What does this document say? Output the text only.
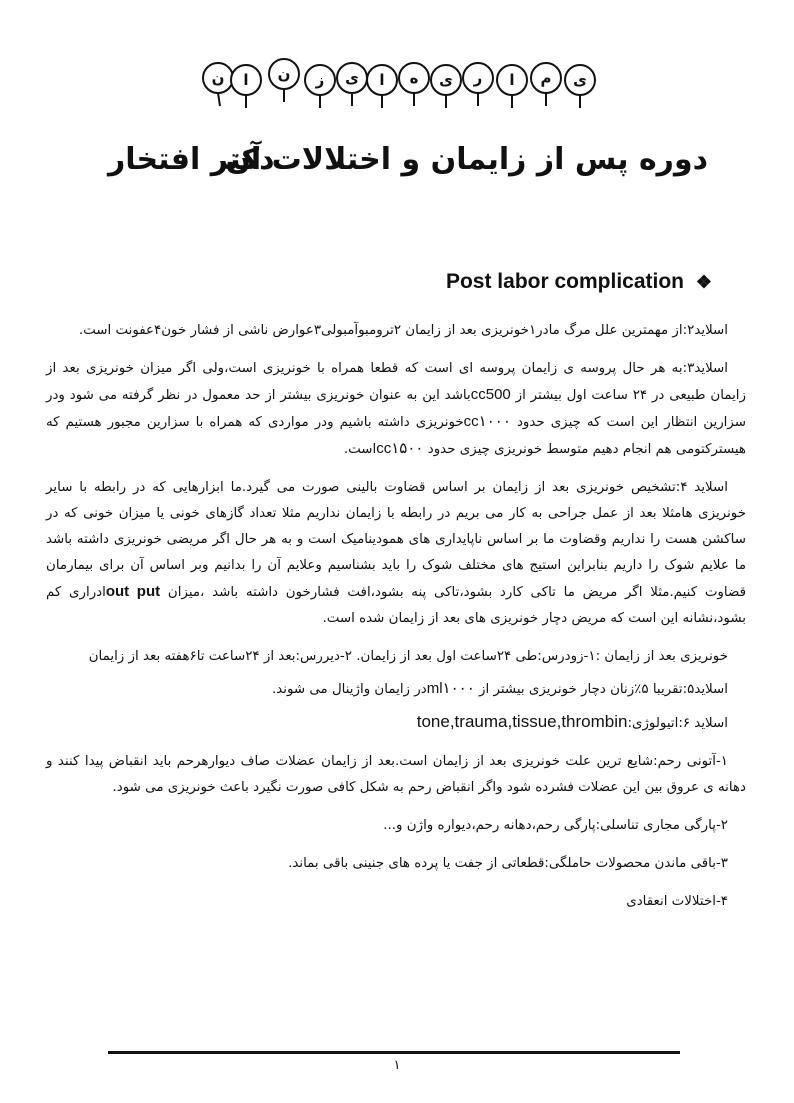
ن ا ن ز ی ا ه ی ر ا م ی
دوره پس از زایمان و اختلالات آن
دکتر افتخار
Post labor complication ❖

اسلاید۲:از مهمترین علل مرگ مادر۱خونریزی بعد از زایمان ۲ترومبوآمبولی۳عوارض ناشی از فشار خون۴عفونت است.

اسلاید۳:به هر حال پروسه ی زایمان پروسه ای است که قطعا همراه با خونریزی است،ولی اگر میزان خونریزی بعد از زایمان طبیعی در ۲۴ ساعت اول بیشتر از cc500باشد این به عنوان خونریزی بیشتر از حد معمول در نظر گرفته می شود ودر سزارین انتظار این است که چیزی حدود cc۱۰۰۰خونریزی داشته باشیم ودر مواردی که همراه با سزارین مجبور هستیم که هیسترکتومی هم انجام دهیم متوسط خونریزی چیزی حدود cc۱۵۰۰است.

اسلاید ۴:تشخیص خونریزی بعد از زایمان بر اساس قضاوت بالینی صورت می گیرد.ما ابزارهایی که در رابطه با سایر خونریزی هامثلا بعد از عمل جراحی به کار می بریم در رابطه با زایمان نداریم مثلا تعداد گازهای خونی یا میزان خونی که در ساکشن هست را نداریم وقضاوت ما بر اساس ناپایداری های همودینامیک است و به هر حال اگر مریضی خونریزی داشته باشد ما علایم شوک را داریم بنابراین استیج های مختلف شوک را باید بشناسیم وعلایم آن را بدانیم وبر اساس آن برای بیمارمان قضاوت کنیم.مثلا اگر مریض ما تاکی کارد بشود،تاکی پنه بشود،افت فشارخون داشته باشد ،میزان out putادراری کم بشود،نشانه این است که مریض دچار خونریزی های بعد از زایمان شده است.

خونریزی بعد از زایمان :۱-زودرس:طی ۲۴ساعت اول بعد از زایمان. ۲-دیررس:بعد از ۲۴ساعت تا۶هفته بعد از زایمان

اسلاید۵:تقریبا ۵٪زنان دچار خونریزی بیشتر از ml۱۰۰۰در زایمان واژینال می شوند.

اسلاید ۶:اتیولوژی:tone,trauma,tissue,thrombin

۱-آتونی رحم:شایع ترین علت خونریزی بعد از زایمان است.بعد از زایمان عضلات صاف دیوارهرحم باید انقباض پیدا کنند و دهانه ی عروق بین این عضلات فشرده شود واگر انقباض رحم به شکل کافی صورت نگیرد باعث خونریزی می شود.

۲-پارگی مجاری تناسلی:پارگی رحم،دهانه رحم،دیواره واژن و...

۳-باقی ماندن محصولات حاملگی:قطعاتی از جفت یا پرده های جنینی باقی بماند.

۴-اختلالات انعقادی

۱
